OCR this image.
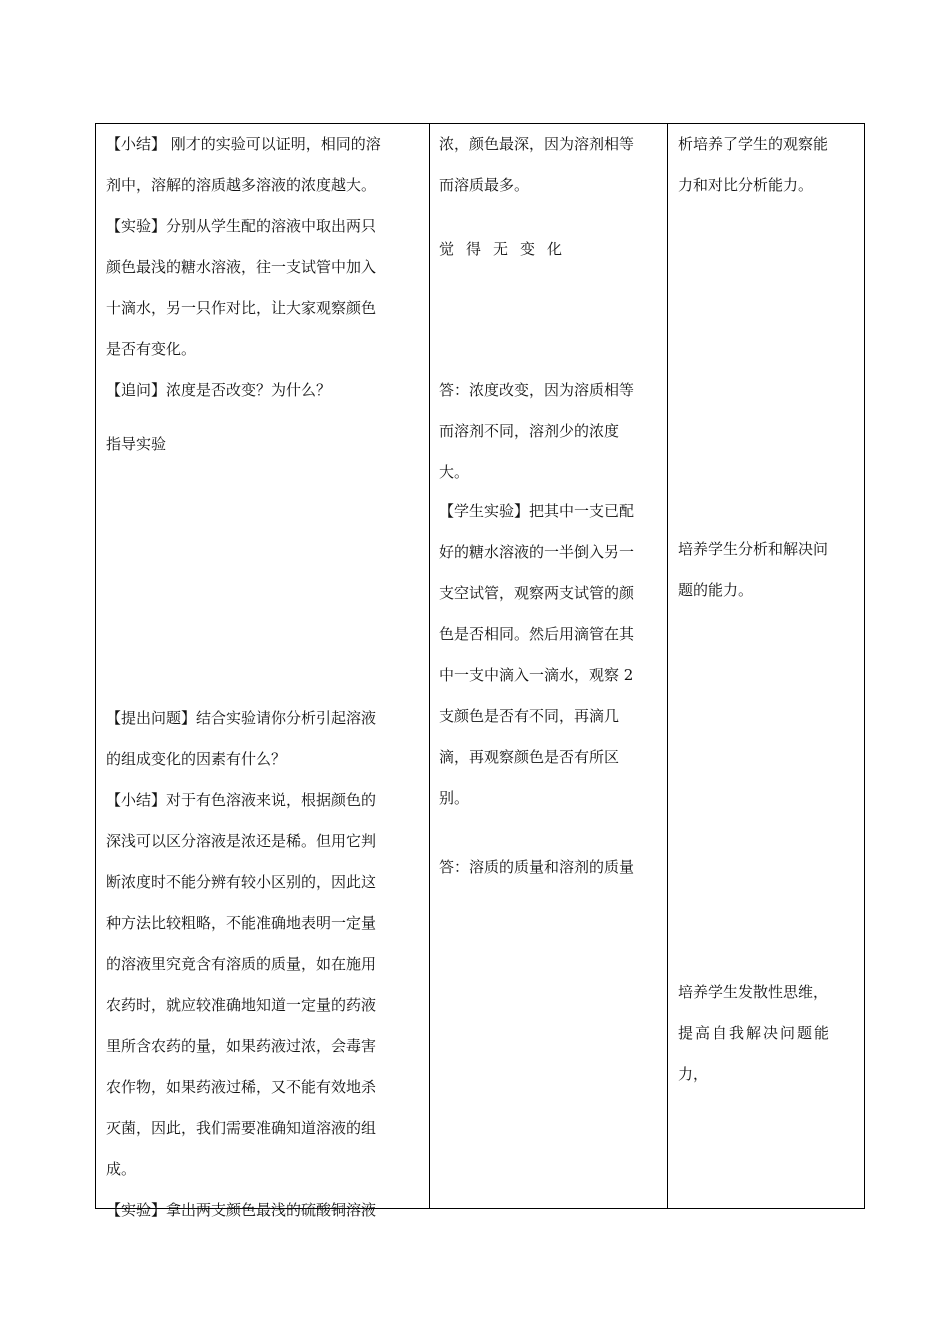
【小结】 刚才的实验可以证明，相同的溶

剂中，溶解的溶质越多溶液的浓度越大。

【实验】分别从学生配的溶液中取出两只

颜色最浅的糖水溶液，往一支试管中加入

十滴水，另一只作对比，让大家观察颜色

是否有变化。

【追问】浓度是否改变？为什么？

指导实验

【提出问题】结合实验请你分析引起溶液

的组成变化的因素有什么？

【小结】对于有色溶液来说，根据颜色的

深浅可以区分溶液是浓还是稀。但用它判

断浓度时不能分辨有较小区别的，因此这

种方法比较粗略，不能准确地表明一定量

的溶液里究竟含有溶质的质量，如在施用

农药时，就应较准确地知道一定量的药液

里所含农药的量，如果药液过浓，会毒害

农作物，如果药液过稀，又不能有效地杀

灭菌，因此，我们需要准确知道溶液的组

成。

【实验】拿出两支颜色最浅的硫酸铜溶液

浓，颜色最深，因为溶剂相等

而溶质最多。

觉得无变化

答：浓度改变，因为溶质相等

而溶剂不同，溶剂少的浓度

大。

【学生实验】把其中一支已配

好的糖水溶液的一半倒入另一

支空试管，观察两支试管的颜

色是否相同。然后用滴管在其

中一支中滴入一滴水，观察 2

支颜色是否有不同，再滴几

滴，再观察颜色是否有所区

别。

答：溶质的质量和溶剂的质量

析培养了学生的观察能

力和对比分析能力。

培养学生分析和解决问

题的能力。

培养学生发散性思维，

提高自我解决问题能

力，
